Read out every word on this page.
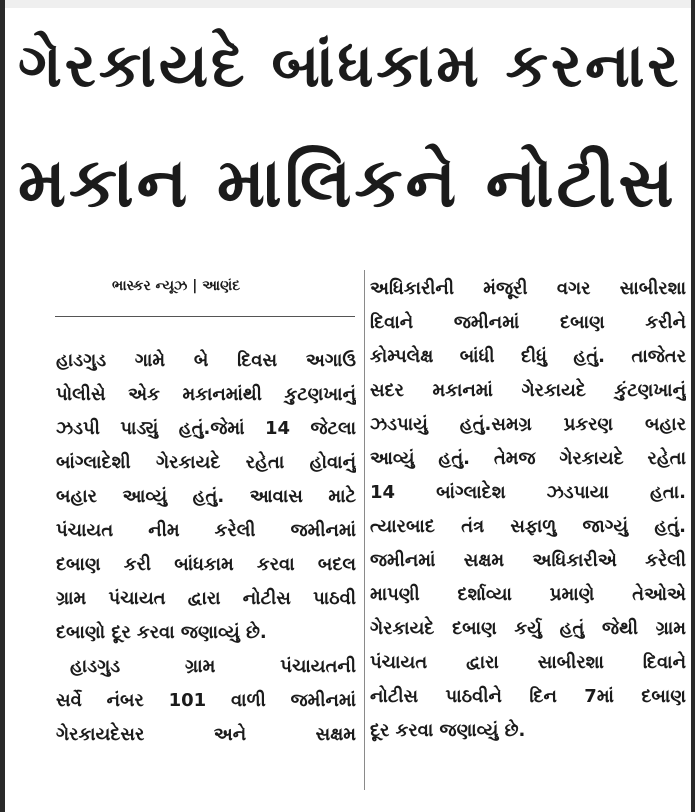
ગેરકાયદે બાંધકામ કરનાર
મકાન માલિકને નોટીસ
ભાસ્કર ન્યૂઝ | આણંદ
હાડગુડ ગામે બે દિવસ અગાઉ
પોલીસે એક મકાનમાંથી કુટણખાનું
ઝડપી પાડ્યું હતું.જેમાં 14 જેટલા
બાંગ્લાદેશી ગેરકાયદે રહેતા હોવાનું
બહાર આવ્યું હતું. આવાસ માટે
પંચાયત નીમ કરેલી જમીનમાં
દબાણ કરી બાંધકામ કરવા બદલ
ગ્રામ પંચાયત દ્વારા નોટીસ પાઠવી
દબાણો દૂર કરવા જણાવ્યું છે.
હાડગુડ ગ્રામ પંચાયતની
સર્વે નંબર 101 વાળી જમીનમાં
ગેરકાયદેસર અને સક્ષમ
અધિકારીની મંજૂરી વગર સાબીરશા
દિવાને જમીનમાં દબાણ કરીને
કોમ્પલેક્ષ બાંધી દીધું હતું. તાજેતર
સદર મકાનમાં ગેરકાયદે કુંટણખાનું
ઝડપાયું હતું.સમગ્ર પ્રકરણ બહાર
આવ્યું હતું. તેમજ ગેરકાયદે રહેતા
14 બાંગ્લાદેશ ઝડપાયા હતા.
ત્યારબાદ તંત્ર સફાળુ જાગ્યું હતું.
જમીનમાં સક્ષમ અધિકારીએ કરેલી
માપણી દર્શાવ્યા પ્રમાણે તેઓએ
ગેરકાયદે દબાણ કર્યુ હતું જેથી ગ્રામ
પંચાયત દ્વારા સાબીરશા દિવાને
નોટીસ પાઠવીને દિન 7માં દબાણ
દૂર કરવા જણાવ્યું છે.
